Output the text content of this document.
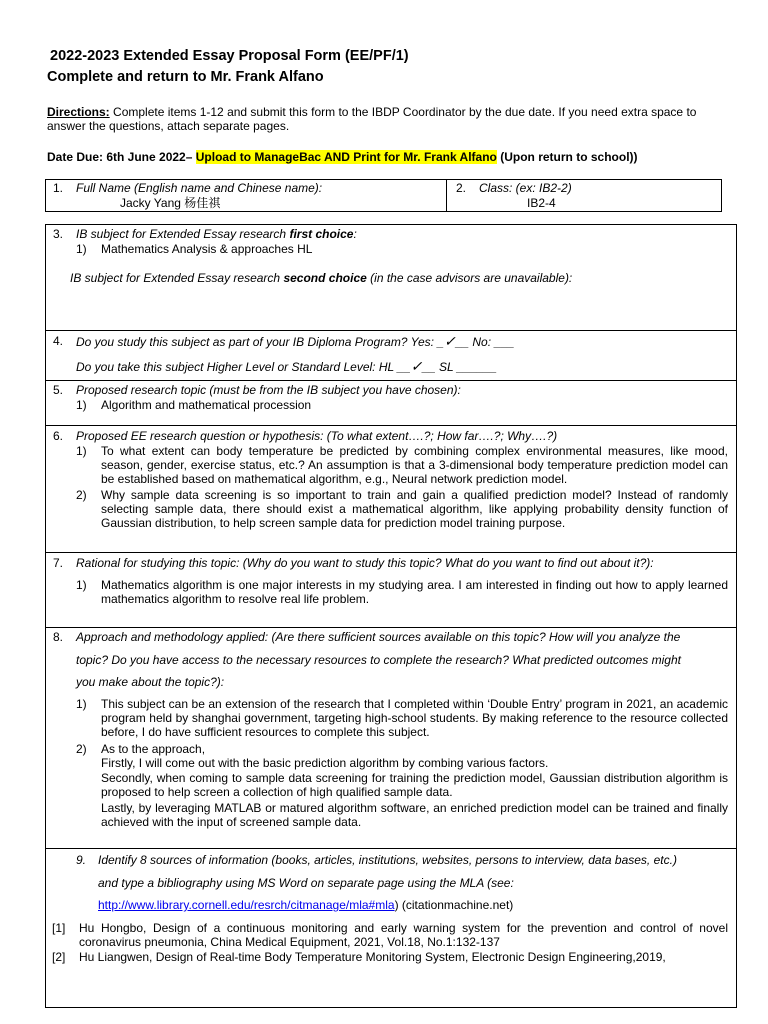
2022-2023 Extended Essay Proposal Form (EE/PF/1)
Complete and return to Mr. Frank Alfano
Directions: Complete items 1-12 and submit this form to the IBDP Coordinator by the due date. If you need extra space to answer the questions, attach separate pages.
Date Due: 6th June 2022– Upload to ManageBac AND Print for Mr. Frank Alfano (Upon return to school))
1. Full Name (English name and Chinese name):
Jacky Yang 杨佳祺
2. Class: (ex: IB2-2)
IB2-4
3. IB subject for Extended Essay research first choice:
1) Mathematics Analysis & approaches HL
IB subject for Extended Essay research second choice (in the case advisors are unavailable):
4. Do you study this subject as part of your IB Diploma Program? Yes: _✓__ No: ___
Do you take this subject Higher Level or Standard Level: HL __✓__ SL ______
5. Proposed research topic (must be from the IB subject you have chosen):
1) Algorithm and mathematical procession
6. Proposed EE research question or hypothesis: (To what extent….?; How far….?; Why….?)
1) To what extent can body temperature be predicted by combining complex environmental measures, like mood, season, gender, exercise status, etc.? An assumption is that a 3-dimensional body temperature prediction model can be established based on mathematical algorithm, e.g., Neural network prediction model.
2) Why sample data screening is so important to train and gain a qualified prediction model? Instead of randomly selecting sample data, there should exist a mathematical algorithm, like applying probability density function of Gaussian distribution, to help screen sample data for prediction model training purpose.
7. Rational for studying this topic: (Why do you want to study this topic? What do you want to find out about it?):
1) Mathematics algorithm is one major interests in my studying area. I am interested in finding out how to apply learned mathematics algorithm to resolve real life problem.
8. Approach and methodology applied: (Are there sufficient sources available on this topic? How will you analyze the
topic? Do you have access to the necessary resources to complete the research? What predicted outcomes might
you make about the topic?):
1) This subject can be an extension of the research that I completed within ‘Double Entry’ program in 2021, an academic program held by shanghai government, targeting high-school students. By making reference to the resource collected before, I do have sufficient resources to complete this subject.
2) As to the approach,
Firstly, I will come out with the basic prediction algorithm by combing various factors.
Secondly, when coming to sample data screening for training the prediction model, Gaussian distribution algorithm is proposed to help screen a collection of high qualified sample data.
Lastly, by leveraging MATLAB or matured algorithm software, an enriched prediction model can be trained and finally achieved with the input of screened sample data.
9. Identify 8 sources of information (books, articles, institutions, websites, persons to interview, data bases, etc.)
and type a bibliography using MS Word on separate page using the MLA (see:
http://www.library.cornell.edu/resrch/citmanage/mla#mla) (citationmachine.net)
[1] Hu Hongbo, Design of a continuous monitoring and early warning system for the prevention and control of novel coronavirus pneumonia, China Medical Equipment, 2021, Vol.18, No.1:132-137
[2] Hu Liangwen, Design of Real-time Body Temperature Monitoring System, Electronic Design Engineering,2019,
